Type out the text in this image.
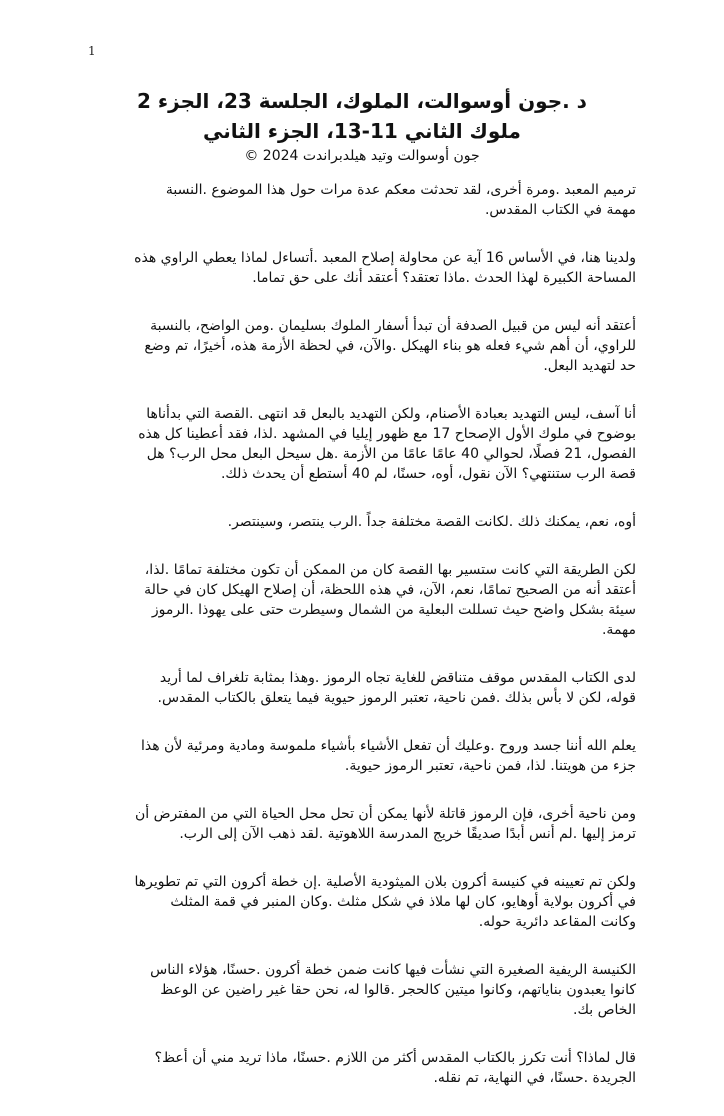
1
د .جون أوسوالت، الملوك، الجلسة 23، الجزء 2
ملوك الثاني 11-13، الجزء الثاني
جون أوسوالت وتيد هيلدبراندت 2024 ©

ترميم المعبد .ومرة أخرى، لقد تحدثت معكم عدة مرات حول هذا الموضوع .النسبة مهمة في الكتاب المقدس.

ولدينا هنا، في الأساس 16 آية عن محاولة إصلاح المعبد .أتساءل لماذا يعطي الراوي هذه المساحة الكبيرة لهذا الحدث .ماذا تعتقد؟ أعتقد أنك على حق تماما.

أعتقد أنه ليس من قبيل الصدفة أن تبدأ أسفار الملوك بسليمان .ومن الواضح، بالنسبة للراوي، أن أهم شيء فعله هو بناء الهيكل .والآن، في لحظة الأزمة هذه، أخيرًا، تم وضع حد لتهديد البعل.

أنا آسف، ليس التهديد بعبادة الأصنام، ولكن التهديد بالبعل قد انتهى .القصة التي بدأناها بوضوح في ملوك الأول الإصحاح 17 مع ظهور إيليا في المشهد .لذا، فقد أعطينا كل هذه الفصول، 21 فصلًا، لحوالي 40 عامًا عامًا من الأزمة .هل سيحل البعل محل الرب؟ هل قصة الرب ستنتهي؟ الآن نقول، أوه، حسنًا، لم 40 أستطع أن يحدث ذلك.

أوه، نعم، يمكنك ذلك .لكانت القصة مختلفة جداً .الرب ينتصر، وسينتصر.

لكن الطريقة التي كانت ستسير بها القصة كان من الممكن أن تكون مختلفة تمامًا .لذا، أعتقد أنه من الصحيح تمامًا، نعم، الآن، في هذه اللحظة، أن إصلاح الهيكل كان في حالة سيئة بشكل واضح حيث تسللت البعلية من الشمال وسيطرت حتى على يهوذا .الرموز مهمة.

لدى الكتاب المقدس موقف متناقض للغاية تجاه الرموز .وهذا بمثابة تلغراف لما أريد قوله، لكن لا بأس بذلك .فمن ناحية، تعتبر الرموز حيوية فيما يتعلق بالكتاب المقدس.

يعلم الله أننا جسد وروح .وعليك أن تفعل الأشياء بأشياء ملموسة ومادية ومرئية لأن هذا جزء من هويتنا. لذا، فمن ناحية، تعتبر الرموز حيوية.

ومن ناحية أخرى، فإن الرموز قاتلة لأنها يمكن أن تحل محل الحياة التي من المفترض أن ترمز إليها .لم أنس أبدًا صديقًا خريج المدرسة اللاهوتية .لقد ذهب الآن إلى الرب.

ولكن تم تعيينه في كنيسة أكرون بلان الميثودية الأصلية .إن خطة أكرون التي تم تطويرها في أكرون بولاية أوهايو، كان لها ملاذ في شكل مثلث .وكان المنبر في قمة المثلث وكانت المقاعد دائرية حوله.

الكنيسة الريفية الصغيرة التي نشأت فيها كانت ضمن خطة أكرون .حسنًا، هؤلاء الناس كانوا يعبدون بناياتهم، وكانوا ميتين كالحجر .قالوا له، نحن حقا غير راضين عن الوعظ الخاص بك.

قال لماذا؟ أنت تكرز بالكتاب المقدس أكثر من اللازم .حسنًا، ماذا تريد مني أن أعظ؟ الجريدة .حسنًا، في النهاية، تم نقله.
